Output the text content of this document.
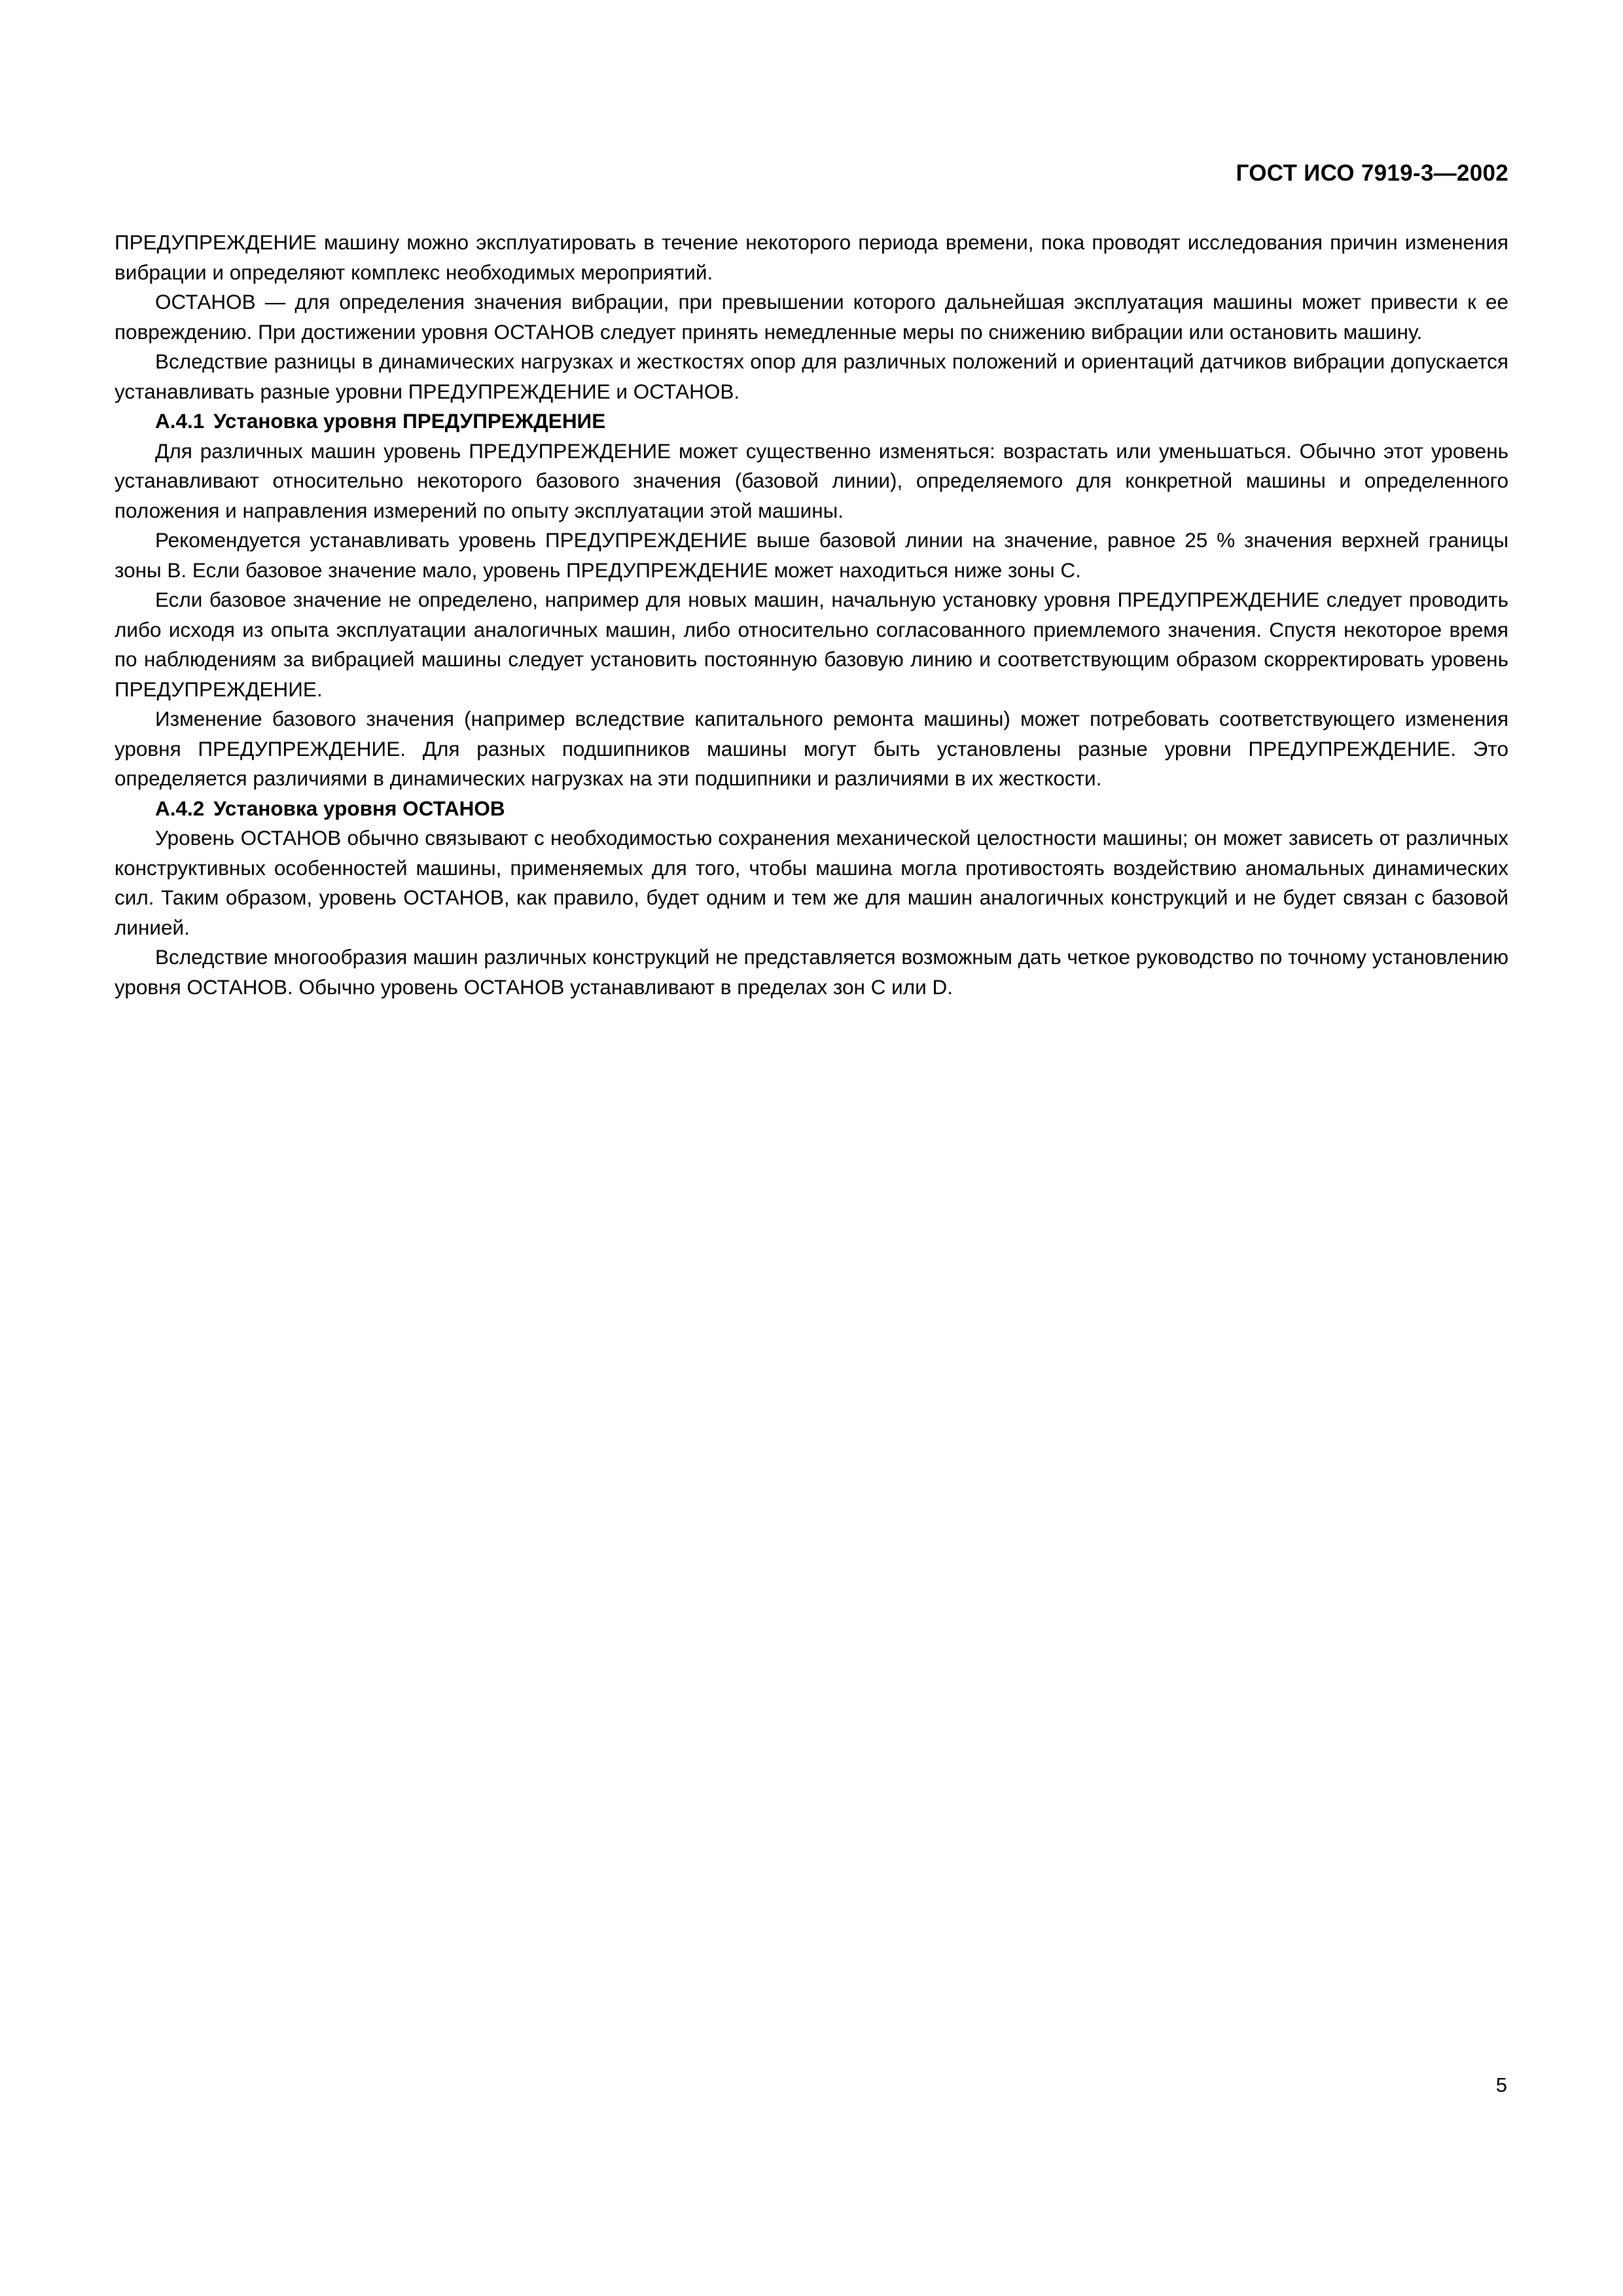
ГОСТ ИСО 7919-3—2002

ПРЕДУПРЕЖДЕНИЕ машину можно эксплуатировать в течение некоторого периода времени, пока проводят исследования причин изменения вибрации и определяют комплекс необходимых мероприятий.

ОСТАНОВ — для определения значения вибрации, при превышении которого дальнейшая эксплуатация машины может привести к ее повреждению. При достижении уровня ОСТАНОВ следует принять немедленные меры по снижению вибрации или остановить машину.

Вследствие разницы в динамических нагрузках и жесткостях опор для различных положений и ориентаций датчиков вибрации допускается устанавливать разные уровни ПРЕДУПРЕЖДЕНИЕ и ОСТАНОВ.

А.4.1 Установка уровня ПРЕДУПРЕЖДЕНИЕ

Для различных машин уровень ПРЕДУПРЕЖДЕНИЕ может существенно изменяться: возрастать или уменьшаться. Обычно этот уровень устанавливают относительно некоторого базового значения (базовой линии), определяемого для конкретной машины и определенного положения и направления измерений по опыту эксплуатации этой машины.

Рекомендуется устанавливать уровень ПРЕДУПРЕЖДЕНИЕ выше базовой линии на значение, равное 25 % значения верхней границы зоны В. Если базовое значение мало, уровень ПРЕДУПРЕЖДЕНИЕ может находиться ниже зоны С.

Если базовое значение не определено, например для новых машин, начальную установку уровня ПРЕДУПРЕЖДЕНИЕ следует проводить либо исходя из опыта эксплуатации аналогичных машин, либо относительно согласованного приемлемого значения. Спустя некоторое время по наблюдениям за вибрацией машины следует установить постоянную базовую линию и соответствующим образом скорректировать уровень ПРЕДУПРЕЖДЕНИЕ.

Изменение базового значения (например вследствие капитального ремонта машины) может потребовать соответствующего изменения уровня ПРЕДУПРЕЖДЕНИЕ. Для разных подшипников машины могут быть установлены разные уровни ПРЕДУПРЕЖДЕНИЕ. Это определяется различиями в динамических нагрузках на эти подшипники и различиями в их жесткости.

А.4.2 Установка уровня ОСТАНОВ

Уровень ОСТАНОВ обычно связывают с необходимостью сохранения механической целостности машины; он может зависеть от различных конструктивных особенностей машины, применяемых для того, чтобы машина могла противостоять воздействию аномальных динамических сил. Таким образом, уровень ОСТАНОВ, как правило, будет одним и тем же для машин аналогичных конструкций и не будет связан с базовой линией.

Вследствие многообразия машин различных конструкций не представляется возможным дать четкое руководство по точному установлению уровня ОСТАНОВ. Обычно уровень ОСТАНОВ устанавливают в пределах зон С или D.

5
